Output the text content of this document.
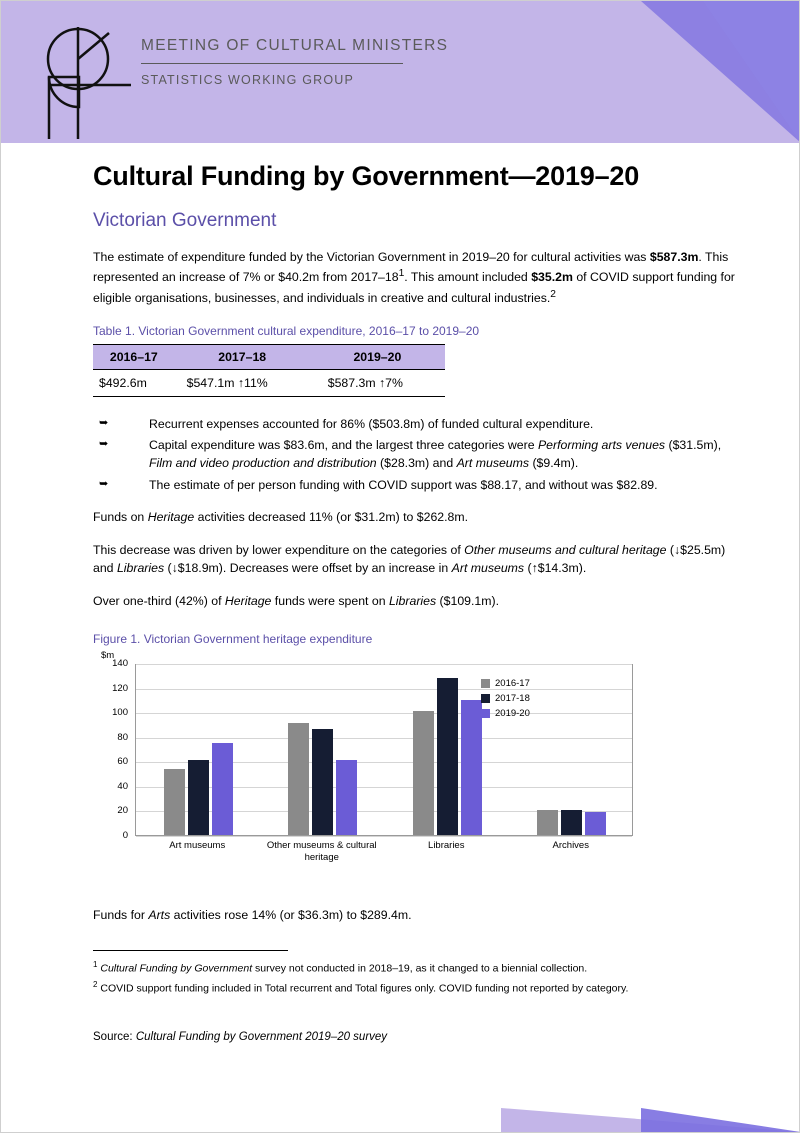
MEETING OF CULTURAL MINISTERS
STATISTICS WORKING GROUP
Cultural Funding by Government—2019–20
Victorian Government

The estimate of expenditure funded by the Victorian Government in 2019–20 for cultural activities was $587.3m. This represented an increase of 7% or $40.2m from $2017-18^1$. This amount included $35.2m of COVID support funding for eligible organisations, businesses, and individuals in creative and cultural industries.$^2$

Table 1. Victorian Government cultural expenditure, 2016–17 to 2019–20
2016–17	2017–18	2019–20
$492.6m	$547.1m ↑11%	$587.3m ↑7%
➥	Recurrent expenses accounted for 86% ($503.8m) of funded cultural expenditure.
➥	Capital expenditure was $83.6m, and the largest three categories were Performing arts venues ($31.5m), Film and video production and distribution ($28.3m) and Art museums ($9.4m).
➥	The estimate of per person funding with COVID support was $88.17, and without was $82.89.

Funds on Heritage activities decreased 11% (or $31.2m) to $262.8m.

This decrease was driven by lower expenditure on the categories of Other museums and cultural heritage (↓$25.5m) and Libraries (↓$18.9m). Decreases were offset by an increase in Art museums (↑$14.3m).

Over one-third (42%) of Heritage funds were spent on Libraries ($109.1m).

Figure 1. Victorian Government heritage expenditure
$m
0
20
40
60
80
100
120
140
2016-17
2017-18
2019-20
Art museums	Other museums & cultural heritage
Libraries	Archives

Funds for Arts activities rose 14% (or $36.3m) to $289.4m.

$^1$ Cultural Funding by Government survey not conducted in 2018–19, as it changed to a biennial collection.

$^2$ COVID support funding included in Total recurrent and Total figures only. COVID funding not reported by category.

Source: Cultural Funding by Government 2019–20 survey
